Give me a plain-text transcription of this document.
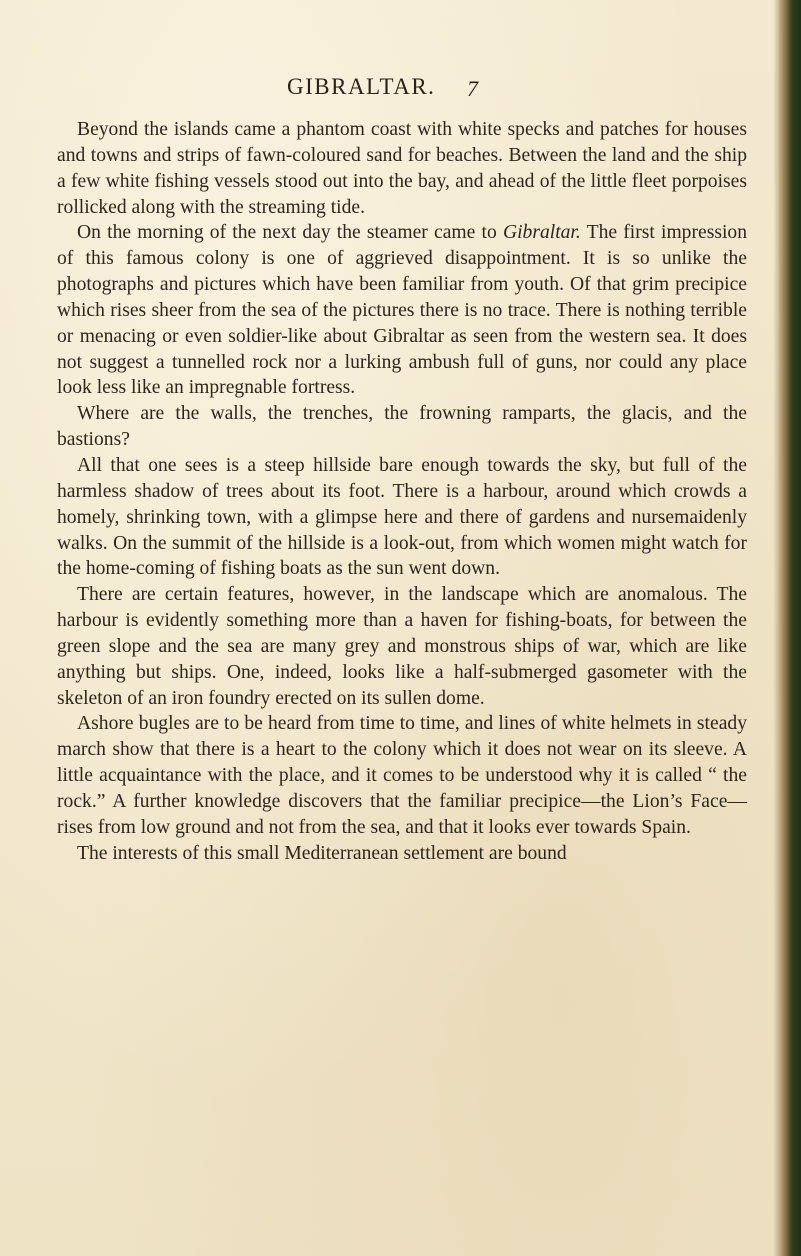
GIBRALTAR. 7

Beyond the islands came a phantom coast with white specks and patches for houses and towns and strips of fawn-coloured sand for beaches. Between the land and the ship a few white fishing vessels stood out into the bay, and ahead of the little fleet porpoises rollicked along with the streaming tide.

On the morning of the next day the steamer came to Gibraltar. The first impression of this famous colony is one of aggrieved disappointment. It is so unlike the photographs and pictures which have been familiar from youth. Of that grim precipice which rises sheer from the sea of the pictures there is no trace. There is nothing terrible or menacing or even soldier-like about Gibraltar as seen from the western sea. It does not suggest a tunnelled rock nor a lurking ambush full of guns, nor could any place look less like an impregnable fortress.

Where are the walls, the trenches, the frowning ramparts, the glacis, and the bastions?

All that one sees is a steep hillside bare enough towards the sky, but full of the harmless shadow of trees about its foot. There is a harbour, around which crowds a homely, shrinking town, with a glimpse here and there of gardens and nursemaidenly walks. On the summit of the hillside is a look-out, from which women might watch for the home-coming of fishing boats as the sun went down.

There are certain features, however, in the landscape which are anomalous. The harbour is evidently something more than a haven for fishing-boats, for between the green slope and the sea are many grey and monstrous ships of war, which are like anything but ships. One, indeed, looks like a half-submerged gasometer with the skeleton of an iron foundry erected on its sullen dome.

Ashore bugles are to be heard from time to time, and lines of white helmets in steady march show that there is a heart to the colony which it does not wear on its sleeve. A little acquaintance with the place, and it comes to be understood why it is called “ the rock.” A further knowledge discovers that the familiar precipice—the Lion’s Face—rises from low ground and not from the sea, and that it looks ever towards Spain.

The interests of this small Mediterranean settlement are bound
